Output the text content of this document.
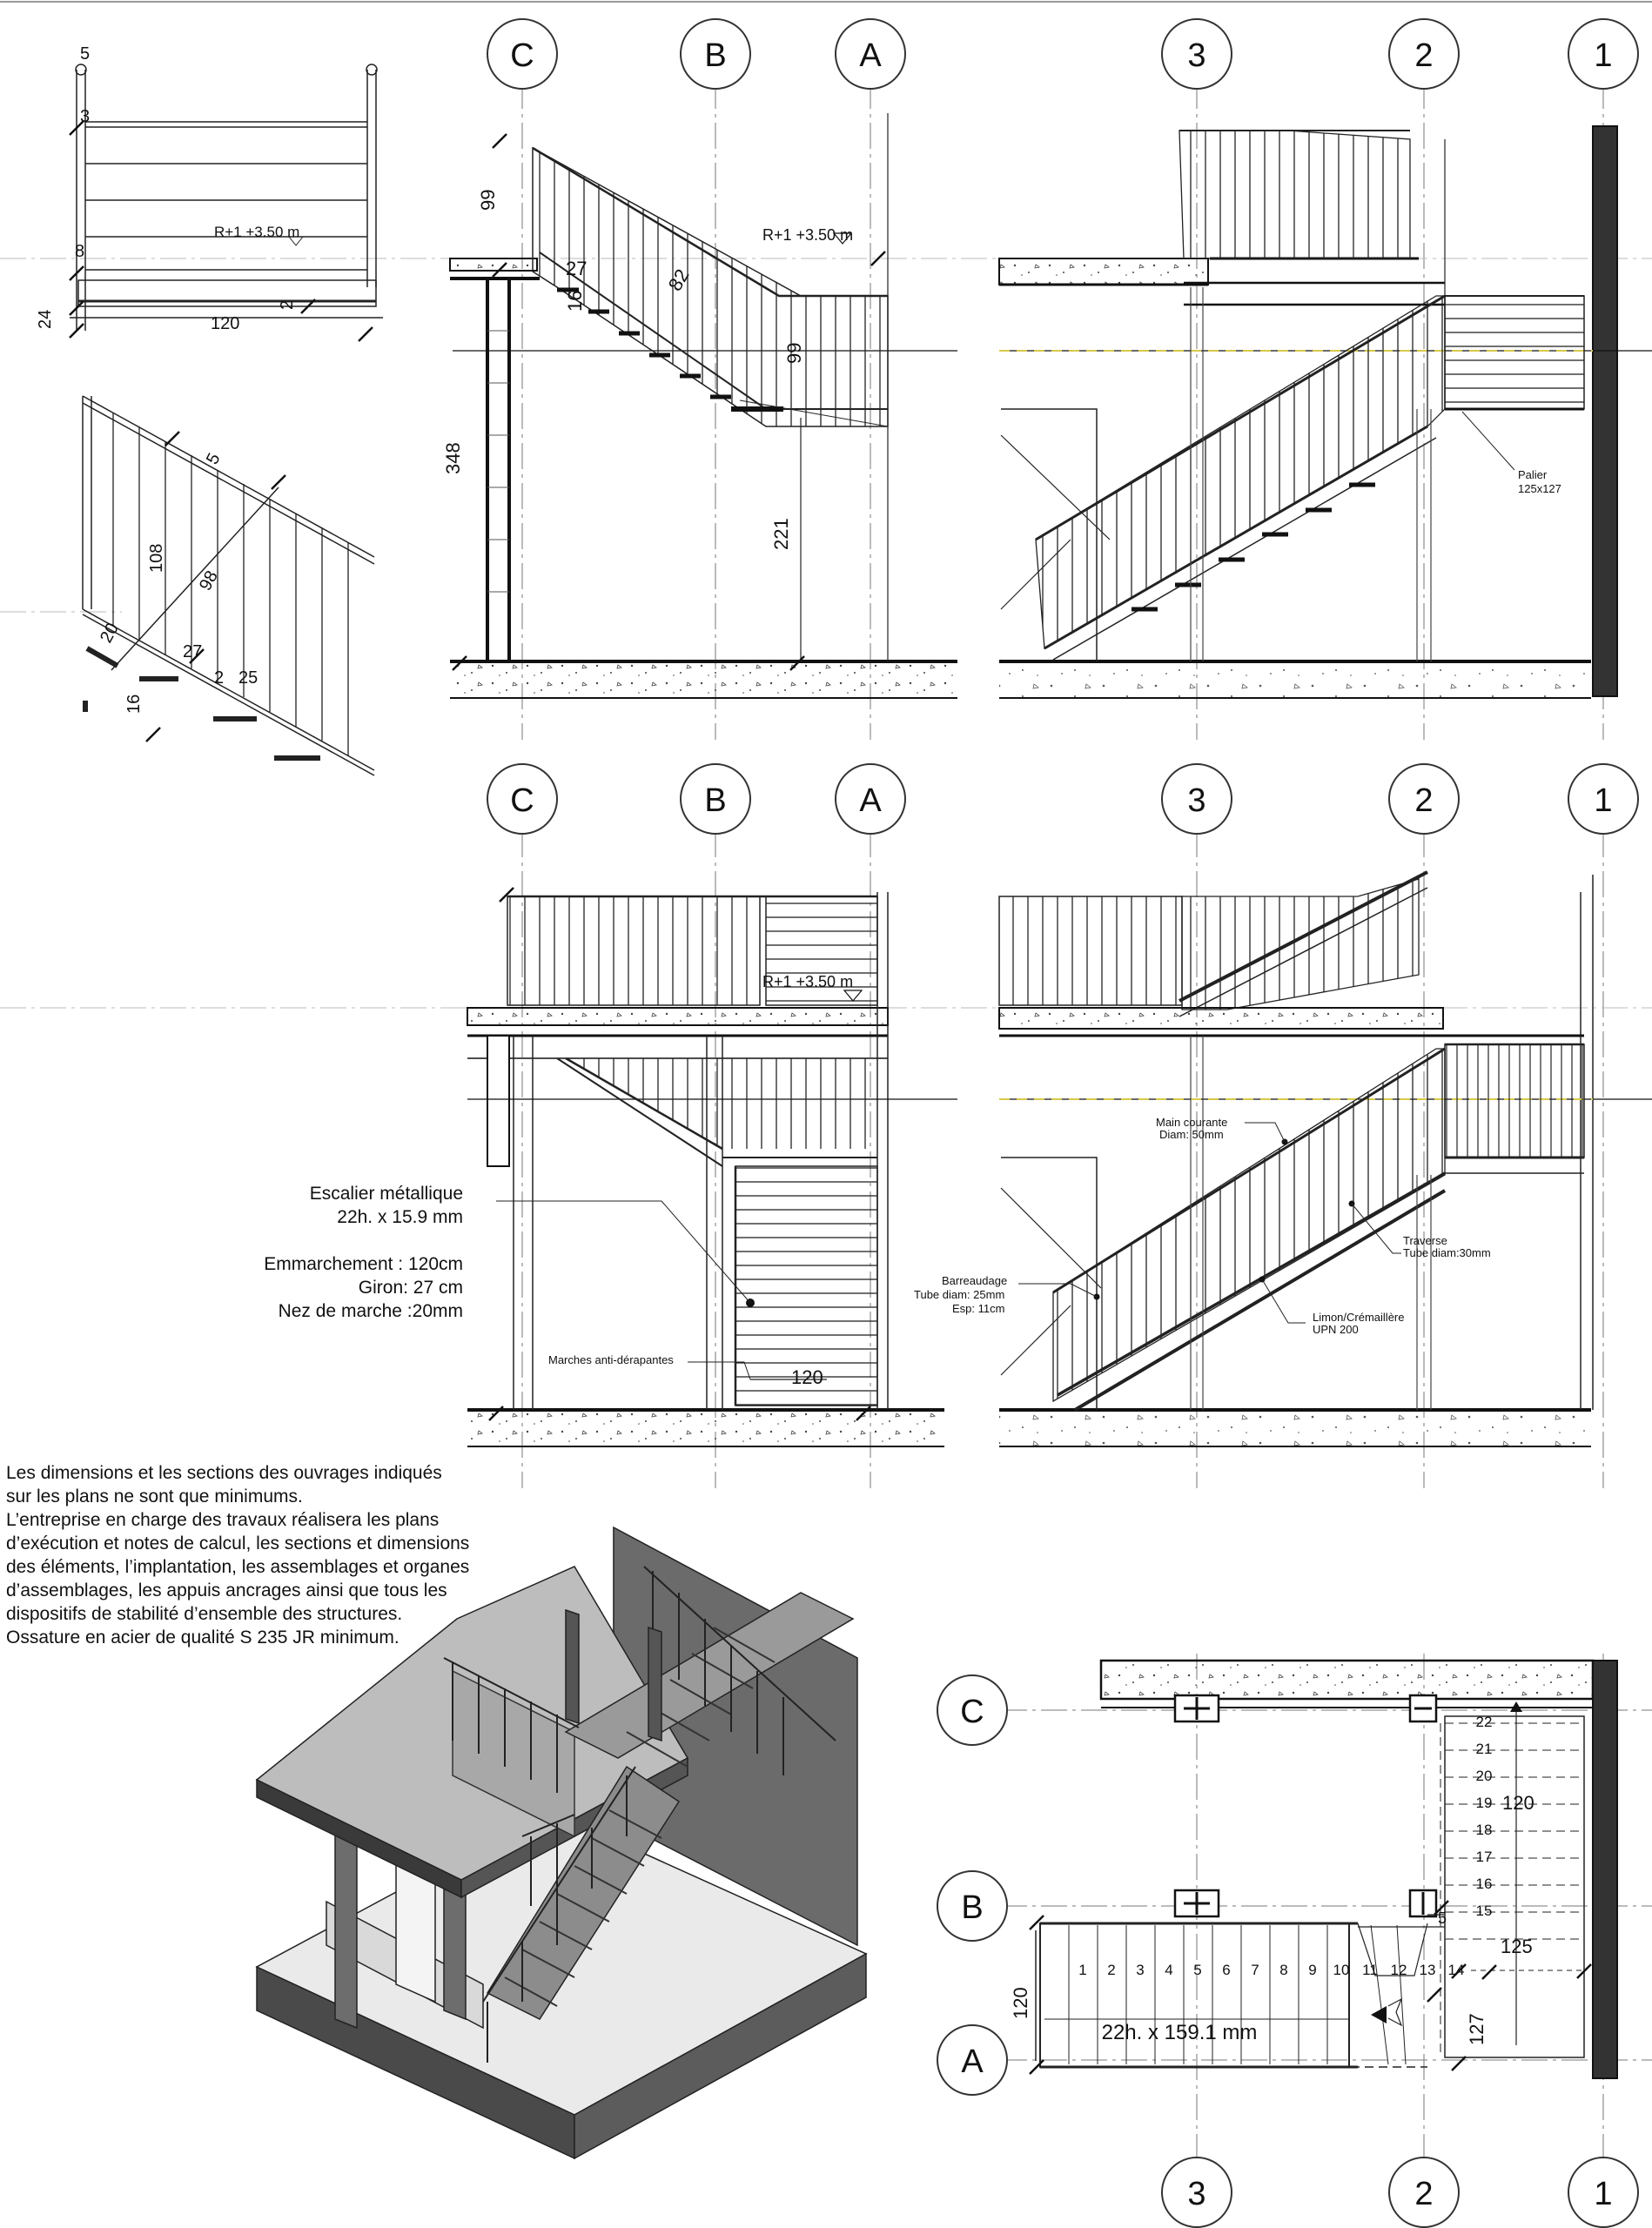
C	B	A	3	2	1
C	B	A	3	2	1
C
B
A
3	2	1
5
3
8
24	120
2
R+1 +3.50 m
108
98
5
27
20
2 25
16
99
27
16
82
348
99
221
R+1 +3.50 m
Palier
125x127
R+1 +3.50 m
120
Marches anti-dérapantes
Main courante
Diam: 50mm
Traverse
Tube diam:30mm
Barreaudage
Tube diam: 25mm
Esp: 11cm
Limon/Crémaillère
UPN 200
1 2 3 4 5 6 7 8 9 10 11 12 13 14
15
16
17
18
19
20
21
22
120
125
127
120
5
22h. x 159.1 mm
Escalier métallique
22h. x 15.9 mm
Emmarchement : 120cm
Giron: 27 cm
Nez de marche :20mm
Les dimensions et les sections des ouvrages indiqués
sur les plans ne sont que minimums.
L’entreprise en charge des travaux réalisera les plans
d’exécution et notes de calcul, les sections et dimensions
des éléments, l’implantation, les assemblages et organes
d’assemblages, les appuis ancrages ainsi que tous les
dispositifs de stabilité d’ensemble des structures.
Ossature en acier de qualité S 235 JR minimum.
